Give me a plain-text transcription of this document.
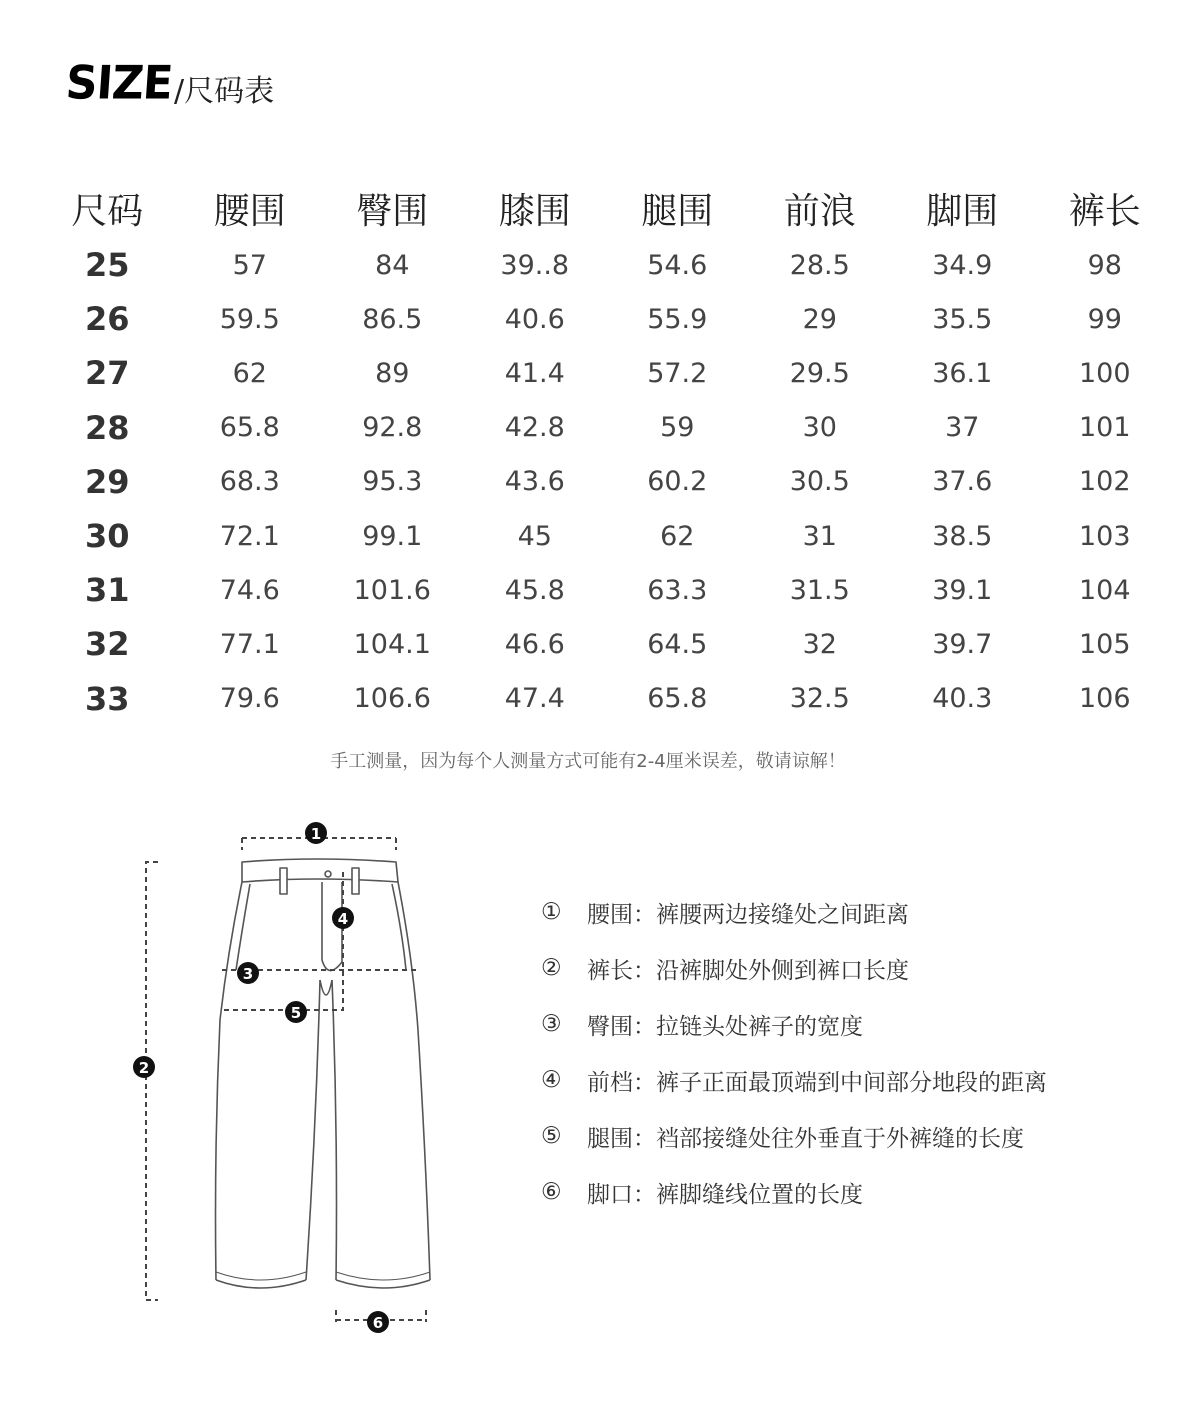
SIZE /尺码表
尺码	腰围	臀围	膝围	腿围	前浪	脚围	裤长
25	57	84	39..8	54.6	28.5	34.9	98
26	59.5	86.5	40.6	55.9	29	35.5	99
27	62	89	41.4	57.2	29.5	36.1	100
28	65.8	92.8	42.8	59	30	37	101
29	68.3	95.3	43.6	60.2	30.5	37.6	102
30	72.1	99.1	45	62	31	38.5	103
31	74.6	101.6	45.8	63.3	31.5	39.1	104
32	77.1	104.1	46.6	64.5	32	39.7	105
33	79.6	106.6	47.4	65.8	32.5	40.3	106
手工测量，因为每个人测量方式可能有2-4厘米误差，敬请谅解！
1
2
3
4
5
6
①	腰围： 裤腰两边接缝处之间距离
②	裤长： 沿裤脚处外侧到裤口长度
③	臀围： 拉链头处裤子的宽度
④	前档： 裤子正面最顶端到中间部分地段的距离
⑤	腿围： 裆部接缝处往外垂直于外裤缝的长度
⑥	脚口： 裤脚缝线位置的长度
